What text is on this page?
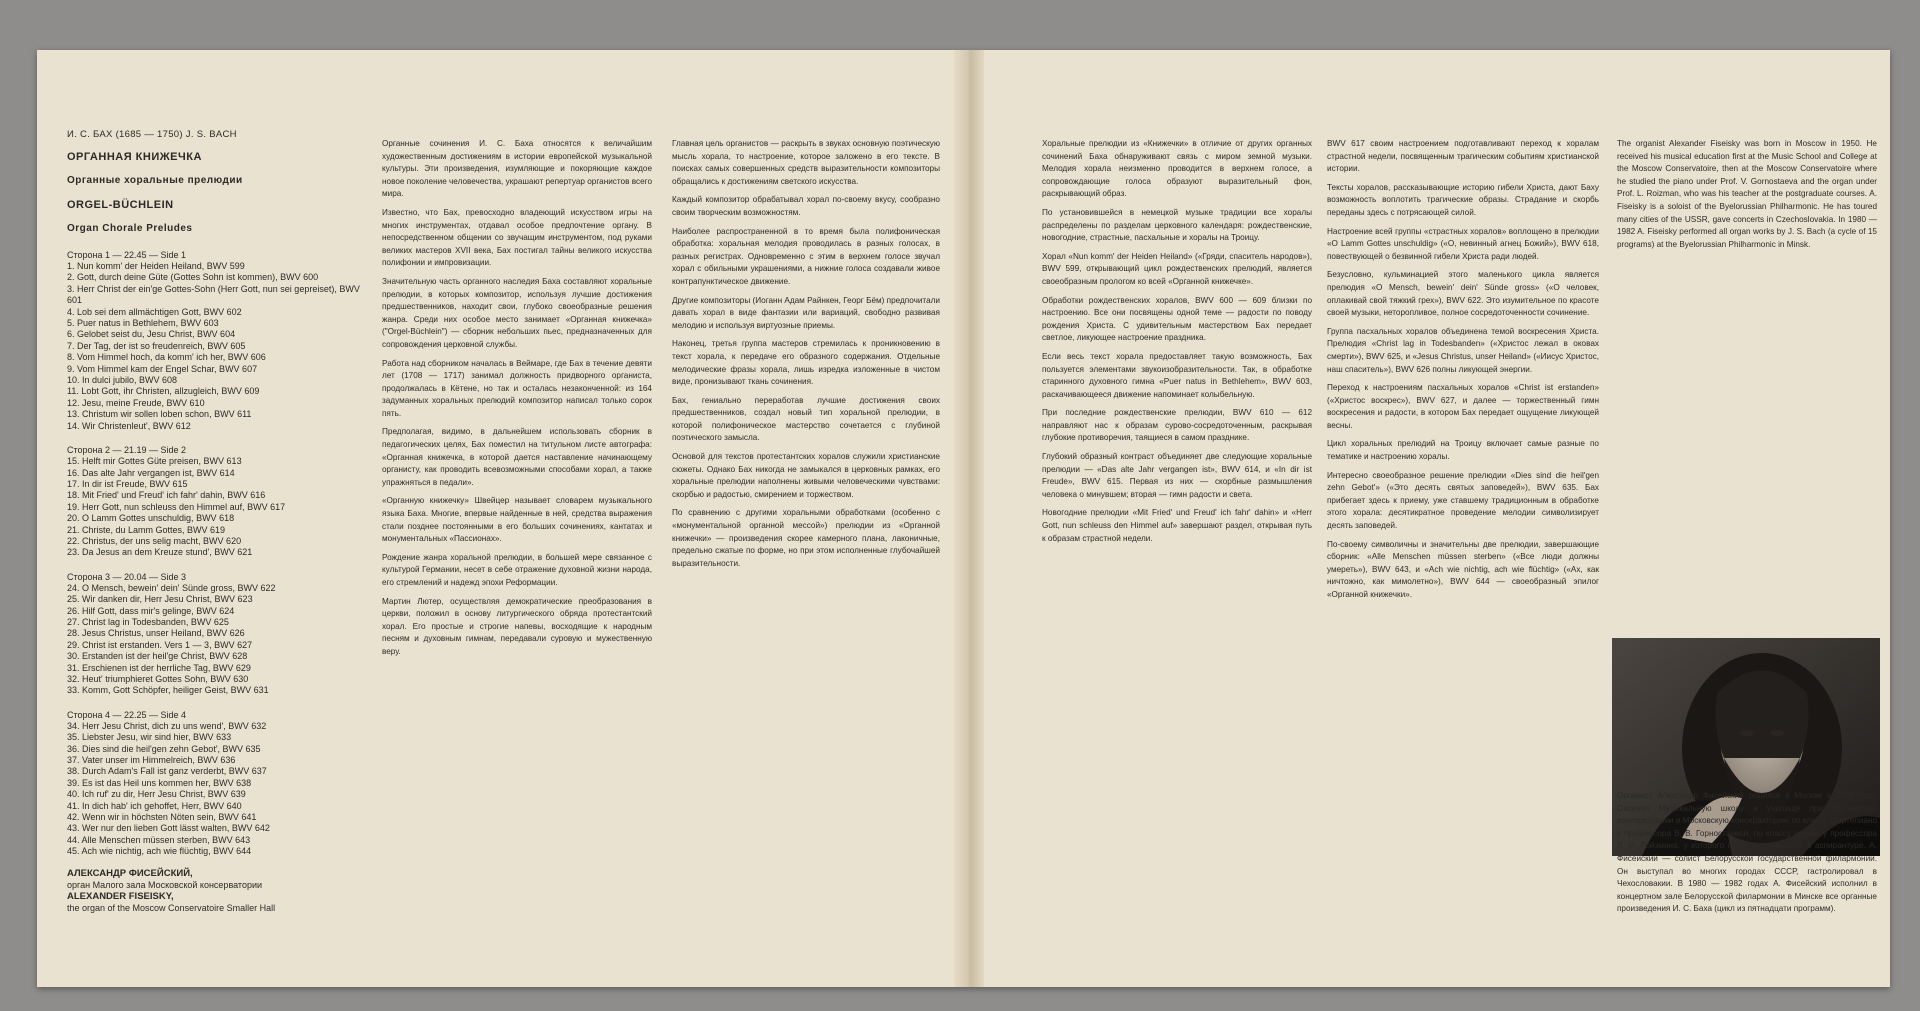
И. С. БАХ (1685 — 1750) J. S. BACH
ОРГАННАЯ КНИЖЕЧКА
Органные хоральные прелюдии
ORGEL-BÜCHLEIN
Organ Chorale Preludes
Сторона 1 — 22.45 — Side 1
1. Nun komm' der Heiden Heiland, BWV 599
2. Gott, durch deine Güte (Gottes Sohn ist kommen), BWV 600
3. Herr Christ der ein'ge Gottes-Sohn (Herr Gott, nun sei gepreiset), BWV 601
4. Lob sei dem allmächtigen Gott, BWV 602
5. Puer natus in Bethlehem, BWV 603
6. Gelobet seist du, Jesu Christ, BWV 604
7. Der Tag, der ist so freudenreich, BWV 605
8. Vom Himmel hoch, da komm' ich her, BWV 606
9. Vom Himmel kam der Engel Schar, BWV 607
10. In dulci jubilo, BWV 608
11. Lobt Gott, ihr Christen, allzugleich, BWV 609
12. Jesu, meine Freude, BWV 610
13. Christum wir sollen loben schon, BWV 611
14. Wir Christenleut', BWV 612
Сторона 2 — 21.19 — Side 2
15. Helft mir Gottes Güte preisen, BWV 613
16. Das alte Jahr vergangen ist, BWV 614
17. In dir ist Freude, BWV 615
18. Mit Fried' und Freud' ich fahr' dahin, BWV 616
19. Herr Gott, nun schleuss den Himmel auf, BWV 617
20. O Lamm Gottes unschuldig, BWV 618
21. Christe, du Lamm Gottes, BWV 619
22. Christus, der uns selig macht, BWV 620
23. Da Jesus an dem Kreuze stund', BWV 621
Сторона 3 — 20.04 — Side 3
24. O Mensch, bewein' dein' Sünde gross, BWV 622
25. Wir danken dir, Herr Jesu Christ, BWV 623
26. Hilf Gott, dass mir's gelinge, BWV 624
27. Christ lag in Todesbanden, BWV 625
28. Jesus Christus, unser Heiland, BWV 626
29. Christ ist erstanden. Vers 1 — 3, BWV 627
30. Erstanden ist der heil'ge Christ, BWV 628
31. Erschienen ist der herrliche Tag, BWV 629
32. Heut' triumphieret Gottes Sohn, BWV 630
33. Komm, Gott Schöpfer, heiliger Geist, BWV 631
Сторона 4 — 22.25 — Side 4
34. Herr Jesu Christ, dich zu uns wend', BWV 632
35. Liebster Jesu, wir sind hier, BWV 633
36. Dies sind die heil'gen zehn Gebot', BWV 635
37. Vater unser im Himmelreich, BWV 636
38. Durch Adam's Fall ist ganz verderbt, BWV 637
39. Es ist das Heil uns kommen her, BWV 638
40. Ich ruf' zu dir, Herr Jesu Christ, BWV 639
41. In dich hab' ich gehoffet, Herr, BWV 640
42. Wenn wir in höchsten Nöten sein, BWV 641
43. Wer nur den lieben Gott lässt walten, BWV 642
44. Alle Menschen müssen sterben, BWV 643
45. Ach wie nichtig, ach wie flüchtig, BWV 644
АЛЕКСАНДР ФИСЕЙСКИЙ,
орган Малого зала Московской консерватории
ALEXANDER FISEISKY,
the organ of the Moscow Conservatoire Smaller Hall

Органные сочинения И. С. Баха относятся к величайшим художественным достижениям в истории европейской музыкальной культуры. Эти произведения, изумляющие и покоряющие каждое новое поколение человечества, украшают репертуар органистов всего мира.

Известно, что Бах, превосходно владеющий искусством игры на многих инструментах, отдавал особое предпочтение органу. В непосредственном общении со звучащим инструментом, под руками великих мастеров XVII века, Бах постигал тайны великого искусства полифонии и импровизации.

Значительную часть органного наследия Баха составляют хоральные прелюдии, в которых композитор, используя лучшие достижения предшественников, находит свои, глубоко своеобразные решения жанра. Среди них особое место занимает «Органная книжечка» ("Orgel-Büchlein") — сборник небольших пьес, предназначенных для сопровождения церковной службы.

Работа над сборником началась в Веймаре, где Бах в течение девяти лет (1708 — 1717) занимал должность придворного органиста, продолжалась в Кётене, но так и осталась незаконченной: из 164 задуманных хоральных прелюдий композитор написал только сорок пять.

Предполагая, видимо, в дальнейшем использовать сборник в педагогических целях, Бах поместил на титульном листе автографа: «Органная книжечка, в которой дается наставление начинающему органисту, как проводить всевозможными способами хорал, а также упражняться в педали».

«Органную книжечку» Швейцер называет словарем музыкального языка Баха. Многие, впервые найденные в ней, средства выражения стали позднее постоянными в его больших сочинениях, кантатах и монументальных «Пассионах».

Рождение жанра хоральной прелюдии, в большей мере связанное с культурой Германии, несет в себе отражение духовной жизни народа, его стремлений и надежд эпохи Реформации.

Мартин Лютер, осуществляя демократические преобразования в церкви, положил в основу литургического обряда протестантский хорал. Его простые и строгие напевы, восходящие к народным песням и духовным гимнам, передавали суровую и мужественную веру.

Главная цель органистов — раскрыть в звуках основную поэтическую мысль хорала, то настроение, которое заложено в его тексте. В поисках самых совершенных средств выразительности композиторы обращались к достижениям светского искусства.

Каждый композитор обрабатывал хорал по-своему вкусу, сообразно своим творческим возможностям.

Наиболее распространенной в то время была полифоническая обработка: хоральная мелодия проводилась в разных голосах, в разных регистрах. Одновременно с этим в верхнем голосе звучал хорал с обильными украшениями, а нижние голоса создавали живое контрапунктическое движение.

Другие композиторы (Иоганн Адам Райнкен, Георг Бём) предпочитали давать хорал в виде фантазии или вариаций, свободно развивая мелодию и используя виртуозные приемы.

Наконец, третья группа мастеров стремилась к проникновению в текст хорала, к передаче его образного содержания. Отдельные мелодические фразы хорала, лишь изредка изложенные в чистом виде, пронизывают ткань сочинения.

Бах, гениально переработав лучшие достижения своих предшественников, создал новый тип хоральной прелюдии, в которой полифоническое мастерство сочетается с глубиной поэтического замысла.

Основой для текстов протестантских хоралов служили христианские сюжеты. Однако Бах никогда не замыкался в церковных рамках, его хоральные прелюдии наполнены живыми человеческими чувствами: скорбью и радостью, смирением и торжеством.

По сравнению с другими хоральными обработками (особенно с «монументальной органной мессой») прелюдии из «Органной книжечки» — произведения скорее камерного плана, лаконичные, предельно сжатые по форме, но при этом исполненные глубочайшей выразительности.

Хоральные прелюдии из «Книжечки» в отличие от других органных сочинений Баха обнаруживают связь с миром земной музыки. Мелодия хорала неизменно проводится в верхнем голосе, а сопровождающие голоса образуют выразительный фон, раскрывающий образ.

По установившейся в немецкой музыке традиции все хоралы распределены по разделам церковного календаря: рождественские, новогодние, страстные, пасхальные и хоралы на Троицу.

Хорал «Nun komm' der Heiden Heiland» («Гряди, спаситель народов»), BWV 599, открывающий цикл рождественских прелюдий, является своеобразным прологом ко всей «Органной книжечке».

Обработки рождественских хоралов, BWV 600 — 609 близки по настроению. Все они посвящены одной теме — радости по поводу рождения Христа. С удивительным мастерством Бах передает светлое, ликующее настроение праздника.

Если весь текст хорала предоставляет такую возможность, Бах пользуется элементами звукоизобразительности. Так, в обработке старинного духовного гимна «Puer natus in Bethlehem», BWV 603, раскачивающееся движение напоминает колыбельную.

При последние рождественские прелюдии, BWV 610 — 612 направляют нас к образам сурово-сосредоточенным, раскрывая глубокие противоречия, таящиеся в самом празднике.

Глубокий образный контраст объединяет две следующие хоральные прелюдии — «Das alte Jahr vergangen ist», BWV 614, и «In dir ist Freude», BWV 615. Первая из них — скорбные размышления человека о минувшем; вторая — гимн радости и света.

Новогодние прелюдии «Mit Fried' und Freud' ich fahr' dahin» и «Herr Gott, nun schleuss den Himmel auf» завершают раздел, открывая путь к образам страстной недели.

BWV 617 своим настроением подготавливают переход к хоралам страстной недели, посвященным трагическим событиям христианской истории.

Тексты хоралов, рассказывающие историю гибели Христа, дают Баху возможность воплотить трагические образы. Страдание и скорбь переданы здесь с потрясающей силой.

Настроение всей группы «страстных хоралов» воплощено в прелюдии «O Lamm Gottes unschuldig» («О, невинный агнец Божий»), BWV 618, повествующей о безвинной гибели Христа ради людей.

Безусловно, кульминацией этого маленького цикла является прелюдия «O Mensch, bewein' dein' Sünde gross» («О человек, оплакивай свой тяжкий грех»), BWV 622. Это изумительное по красоте своей музыки, неторопливое, полное сосредоточенности сочинение.

Группа пасхальных хоралов объединена темой воскресения Христа. Прелюдия «Christ lag in Todesbanden» («Христос лежал в оковах смерти»), BWV 625, и «Jesus Christus, unser Heiland» («Иисус Христос, наш спаситель»), BWV 626 полны ликующей энергии.

Переход к настроениям пасхальных хоралов «Christ ist erstanden» («Христос воскрес»), BWV 627, и далее — торжественный гимн воскресения и радости, в котором Бах передает ощущение ликующей весны.

Цикл хоральных прелюдий на Троицу включает самые разные по тематике и настроению хоралы.

Интересно своеобразное решение прелюдии «Dies sind die heil'gen zehn Gebot'» («Это десять святых заповедей»), BWV 635. Бах прибегает здесь к приему, уже ставшему традиционным в обработке этого хорала: десятикратное проведение мелодии символизирует десять заповедей.

По-своему символичны и значительны две прелюдии, завершающие сборник: «Alle Menschen müssen sterben» («Все люди должны умереть»), BWV 643, и «Ach wie nichtig, ach wie flüchtig» («Ах, как ничтожно, как мимолетно»), BWV 644 — своеобразный эпилог «Органной книжечки».

The organist Alexander Fiseisky was born in Moscow in 1950. He received his musical education first at the Music School and College at the Moscow Conservatoire, then at the Moscow Conservatoire where he studied the piano under Prof. V. Gornostaeva and the organ under Prof. L. Roizman, who was his teacher at the postgraduate courses. A. Fiseisky is a soloist of the Byelorussian Philharmonic. He has toured many cities of the USSR, gave concerts in Czechoslovakia. In 1980 — 1982 A. Fiseisky performed all organ works by J. S. Bach (a cycle of 15 programs) at the Byelorussian Philharmonic in Minsk.

Органист Александр Фисейский родился в Москве в 1950 году. Окончил Музыкальную школу и училище при Московской консерватории и Московскую консерваторию по классу фортепиано у профессора В. В. Горностаевой, по классу органа у профессора Л. И. Ройзмана, у которого позднее занимался в аспирантуре. А. Фисейский — солист Белорусской государственной филармонии. Он выступал во многих городах СССР, гастролировал в Чехословакии. В 1980 — 1982 годах А. Фисейский исполнил в концертном зале Белорусской филармонии в Минске все органные произведения И. С. Баха (цикл из пятнадцати программ).
